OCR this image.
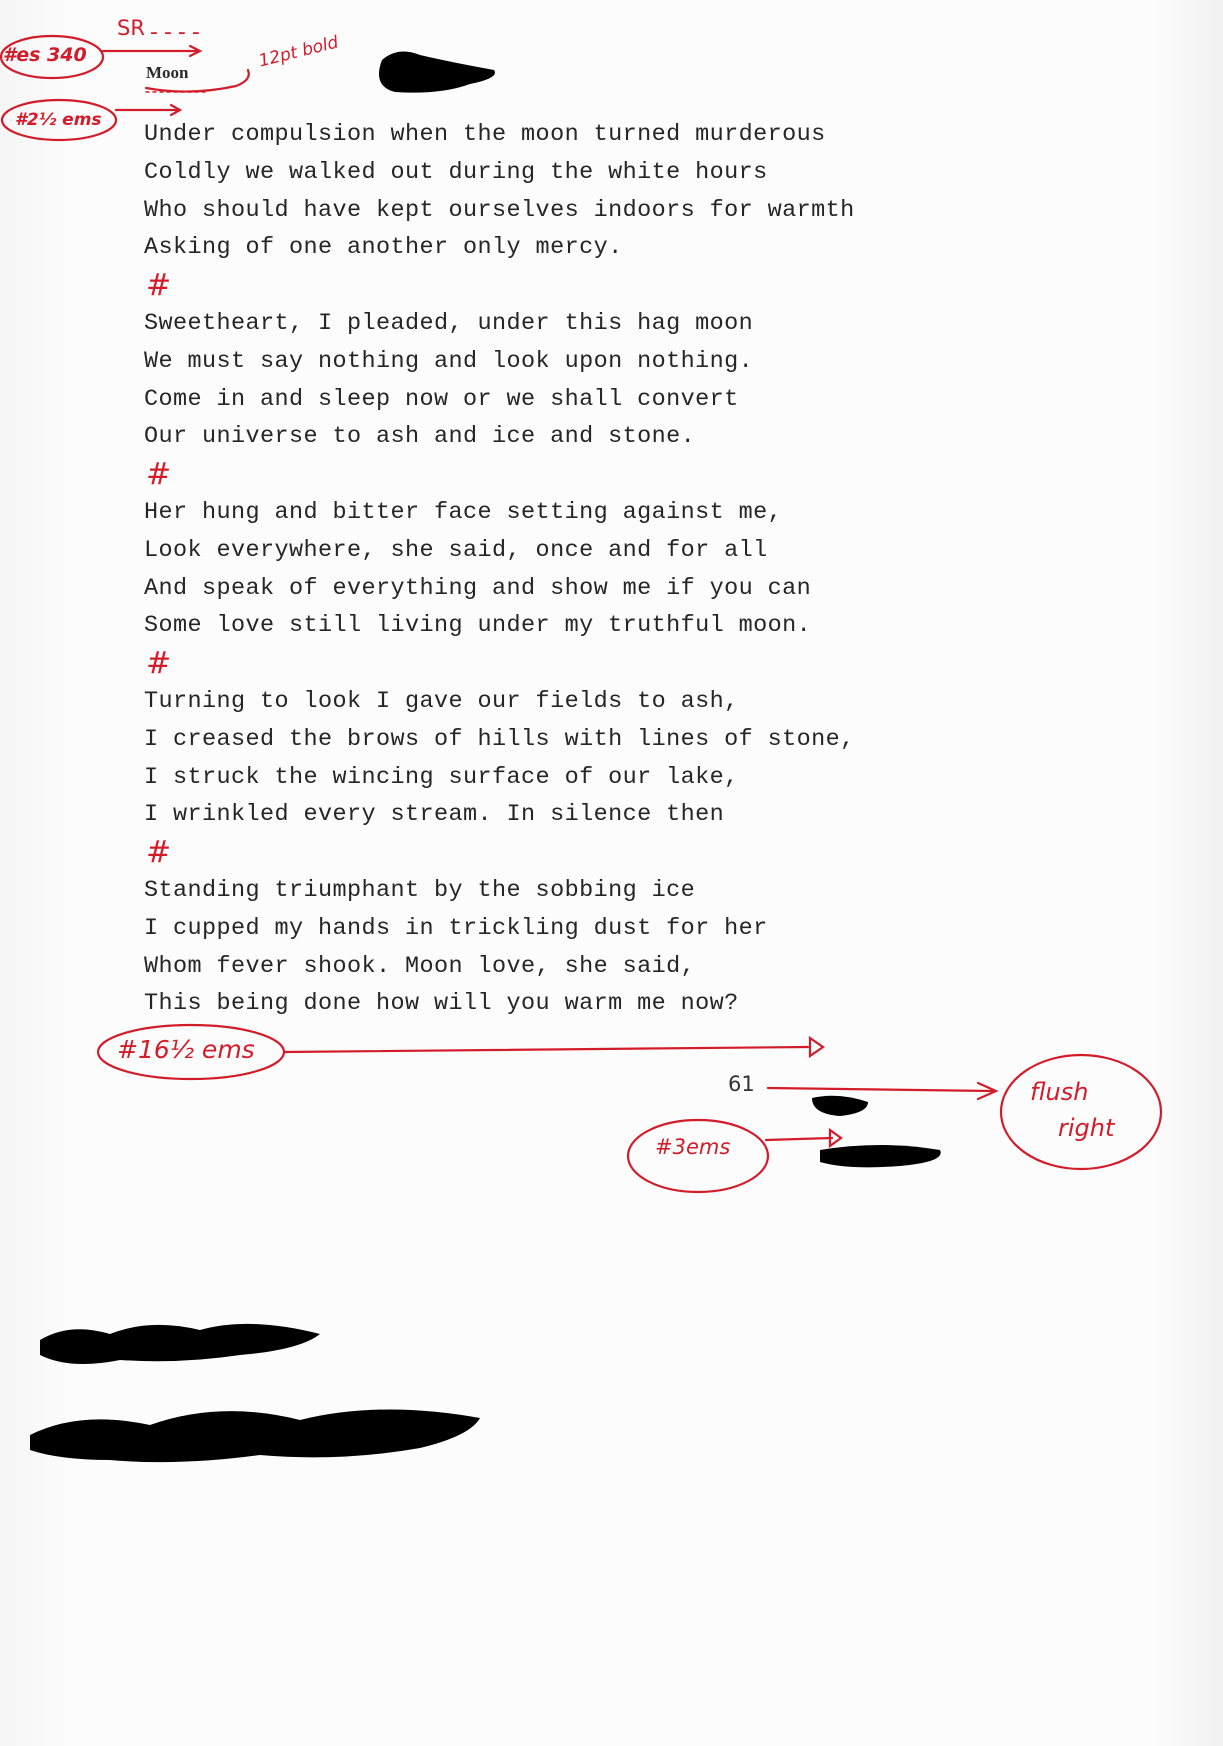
SR ----
#es 340
Moon
12pt bold
#2½ ems
Under compulsion when the moon turned murderous
Coldly we walked out during the white hours
Who should have kept ourselves indoors for warmth
Asking of one another only mercy.
#
Sweetheart, I pleaded, under this hag moon
We must say nothing and look upon nothing.
Come in and sleep now or we shall convert
Our universe to ash and ice and stone.
#
Her hung and bitter face setting against me,
Look everywhere, she said, once and for all
And speak of everything and show me if you can
Some love still living under my truthful moon.
#
Turning to look I gave our fields to ash,
I creased the brows of hills with lines of stone,
I struck the wincing surface of our lake,
I wrinkled every stream. In silence then
#
Standing triumphant by the sobbing ice
I cupped my hands in trickling dust for her
Whom fever shook. Moon love, she said,
This being done how will you warm me now?
#16½ ems
61
#3ems
flush
right
